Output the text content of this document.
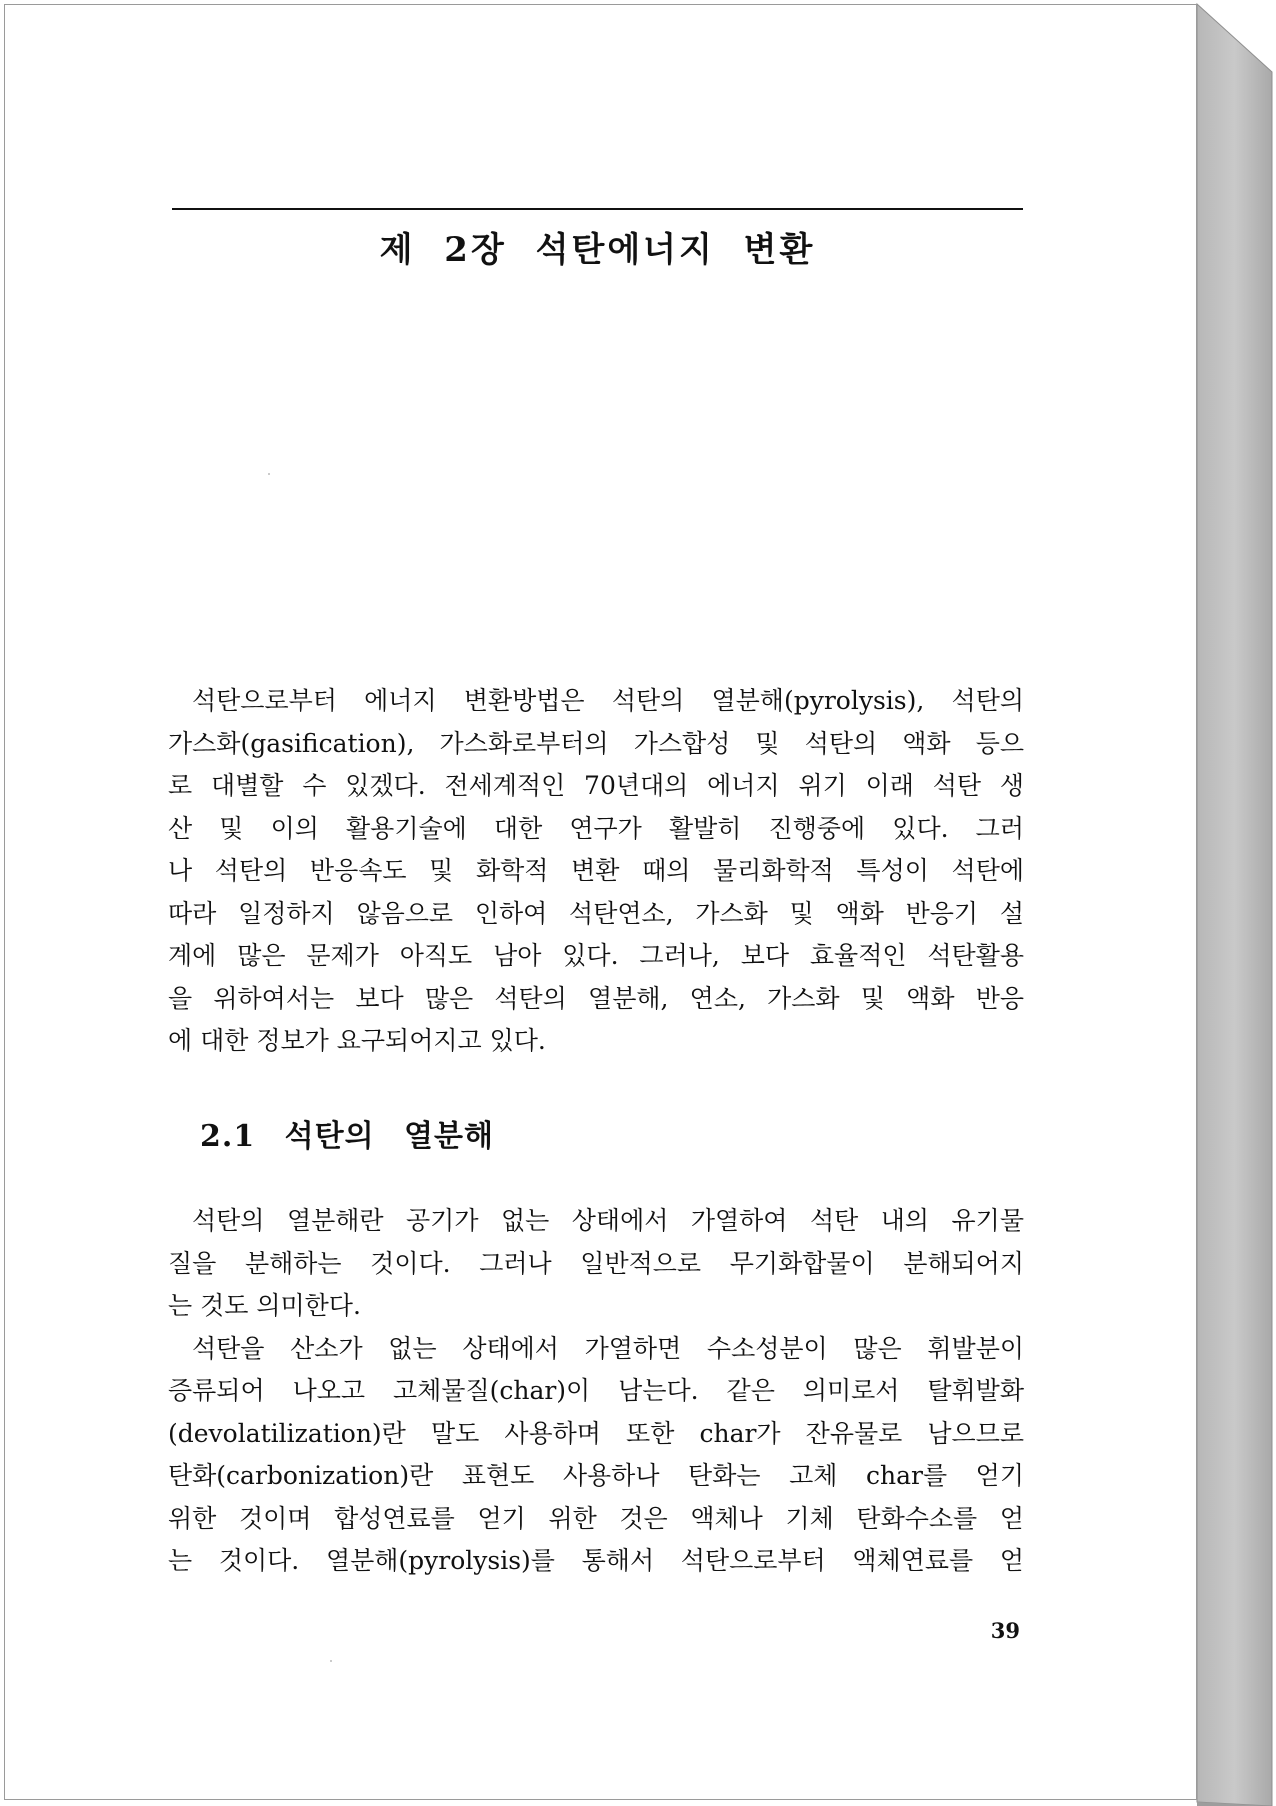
제 2장 석탄에너지 변환
석탄으로부터 에너지 변환방법은 석탄의 열분해(pyrolysis), 석탄의
가스화(gasification), 가스화로부터의 가스합성 및 석탄의 액화 등으
로 대별할 수 있겠다. 전세계적인 70년대의 에너지 위기 이래 석탄 생
산 및 이의 활용기술에 대한 연구가 활발히 진행중에 있다. 그러
나 석탄의 반응속도 및 화학적 변환 때의 물리화학적 특성이 석탄에
따라 일정하지 않음으로 인하여 석탄연소, 가스화 및 액화 반응기 설
계에 많은 문제가 아직도 남아 있다. 그러나, 보다 효율적인 석탄활용
을 위하여서는 보다 많은 석탄의 열분해, 연소, 가스화 및 액화 반응
에 대한 정보가 요구되어지고 있다.
2.1 석탄의 열분해
석탄의 열분해란 공기가 없는 상태에서 가열하여 석탄 내의 유기물
질을 분해하는 것이다. 그러나 일반적으로 무기화합물이 분해되어지
는 것도 의미한다.
석탄을 산소가 없는 상태에서 가열하면 수소성분이 많은 휘발분이
증류되어 나오고 고체물질(char)이 남는다. 같은 의미로서 탈휘발화
(devolatilization)란 말도 사용하며 또한 char가 잔유물로 남으므로
탄화(carbonization)란 표현도 사용하나 탄화는 고체 char를 얻기
위한 것이며 합성연료를 얻기 위한 것은 액체나 기체 탄화수소를 얻
는 것이다. 열분해(pyrolysis)를 통해서 석탄으로부터 액체연료를 얻

39
